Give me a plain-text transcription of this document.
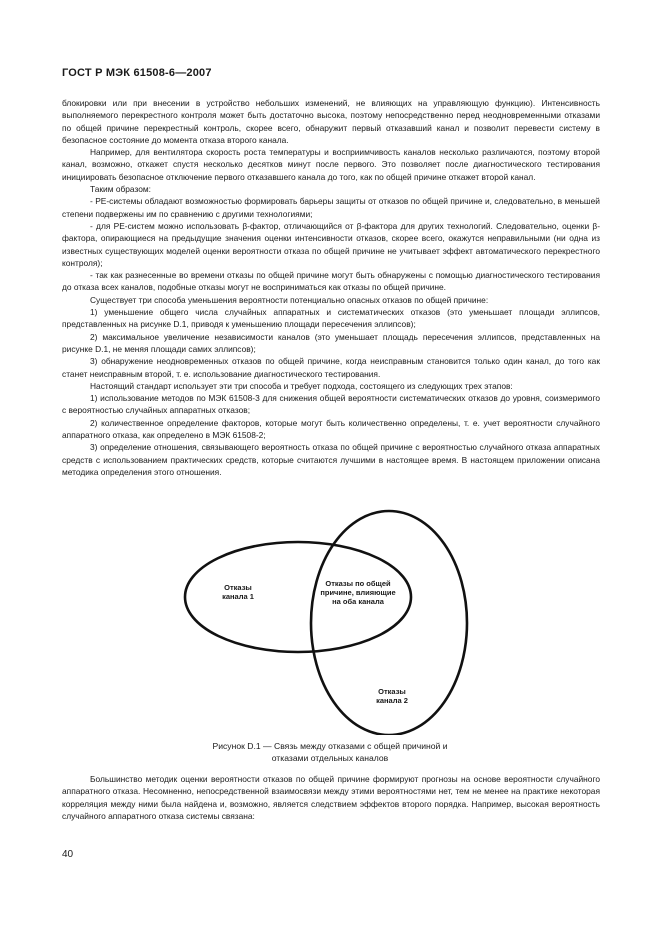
ГОСТ Р МЭК 61508-6—2007

блокировки или при внесении в устройство небольших изменений, не влияющих на управляющую функцию). Интенсивность выполняемого перекрестного контроля может быть достаточно высока, поэтому непосредственно перед неодновременными отказами по общей причине перекрестный контроль, скорее всего, обнаружит первый отказавший канал и позволит перевести систему в безопасное состояние до момента отказа второго канала.

Например, для вентилятора скорость роста температуры и восприимчивость каналов несколько различаются, поэтому второй канал, возможно, откажет спустя несколько десятков минут после первого. Это позволяет после диагностического тестирования инициировать безопасное отключение первого отказавшего канала до того, как по общей причине откажет второй канал.

Таким образом:

- PE-системы обладают возможностью формировать барьеры защиты от отказов по общей причине и, следовательно, в меньшей степени подвержены им по сравнению с другими технологиями;

- для PE-систем можно использовать β-фактор, отличающийся от β-фактора для других технологий. Следовательно, оценки β-фактора, опирающиеся на предыдущие значения оценки интенсивности отказов, скорее всего, окажутся неправильными (ни одна из известных существующих моделей оценки вероятности отказа по общей причине не учитывает эффект автоматического перекрестного контроля);

- так как разнесенные во времени отказы по общей причине могут быть обнаружены с помощью диагностического тестирования до отказа всех каналов, подобные отказы могут не восприниматься как отказы по общей причине.

Существует три способа уменьшения вероятности потенциально опасных отказов по общей причине:

1) уменьшение общего числа случайных аппаратных и систематических отказов (это уменьшает площади эллипсов, представленных на рисунке D.1, приводя к уменьшению площади пересечения эллипсов);

2) максимальное увеличение независимости каналов (это уменьшает площадь пересечения эллипсов, представленных на рисунке D.1, не меняя площади самих эллипсов);

3) обнаружение неодновременных отказов по общей причине, когда неисправным становится только один канал, до того как станет неисправным второй, т. е. использование диагностического тестирования.

Настоящий стандарт использует эти три способа и требует подхода, состоящего из следующих трех этапов:

1) использование методов по МЭК 61508-3 для снижения общей вероятности систематических отказов до уровня, соизмеримого с вероятностью случайных аппаратных отказов;

2) количественное определение факторов, которые могут быть количественно определены, т. е. учет вероятности случайного аппаратного отказа, как определено в МЭК 61508-2;

3) определение отношения, связывающего вероятность отказа по общей причине с вероятностью случайного отказа аппаратных средств с использованием практических средств, которые считаются лучшими в настоящее время. В настоящем приложении описана методика определения этого отношения.

Отказы
канала 1
Отказы по общей
причине, влияющие
на оба канала
Отказы
канала 2
Рисунок D.1 — Связь между отказами с общей причиной и
отказами отдельных каналов

Большинство методик оценки вероятности отказов по общей причине формируют прогнозы на основе вероятности случайного аппаратного отказа. Несомненно, непосредственной взаимосвязи между этими вероятностями нет, тем не менее на практике некоторая корреляция между ними была найдена и, возможно, является следствием эффектов второго порядка. Например, высокая вероятность случайного аппаратного отказа системы связана:

40
